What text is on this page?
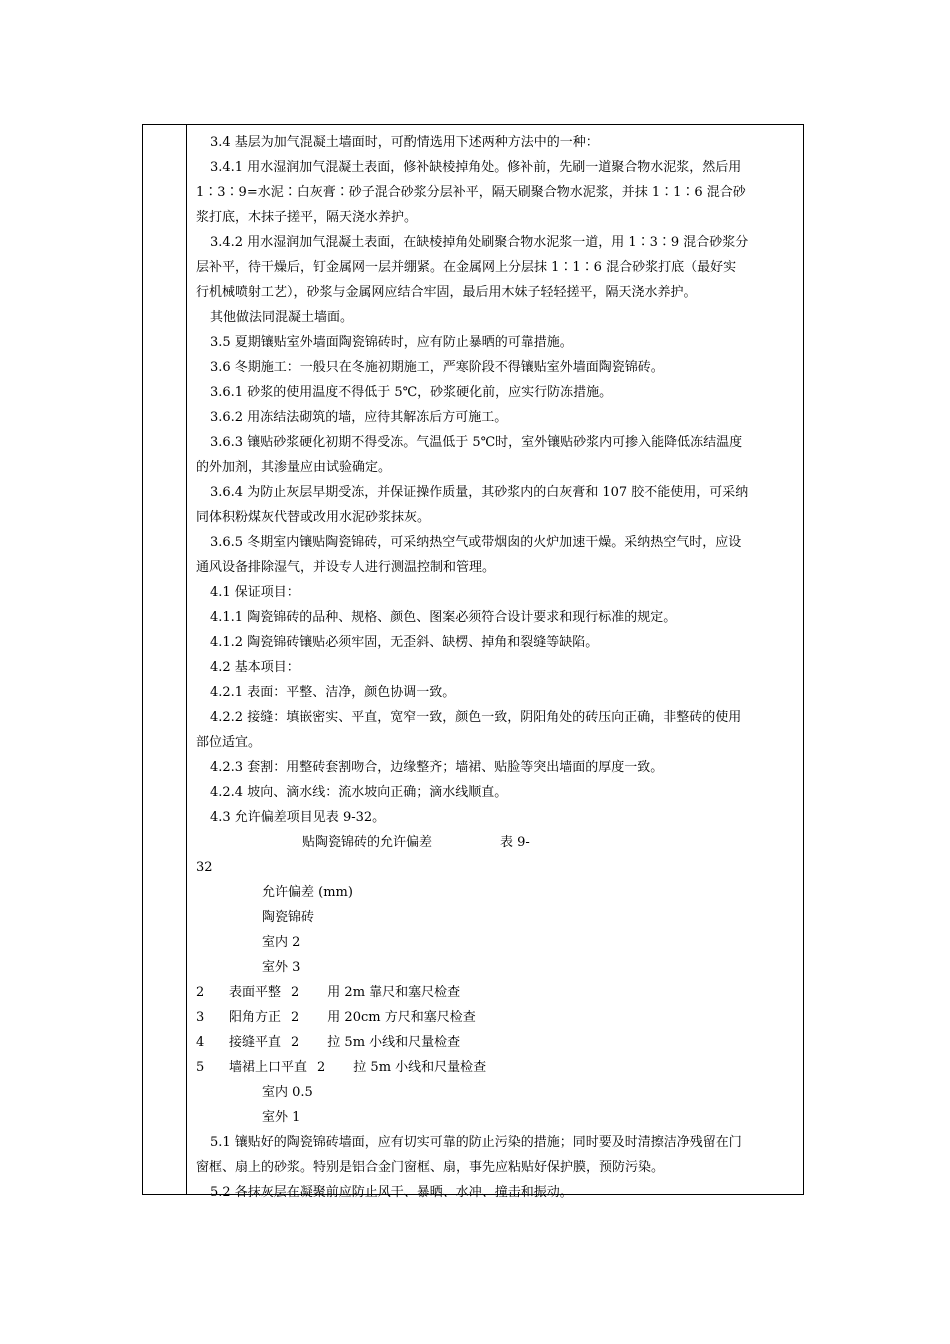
3.4 基层为加气混凝土墙面时，可酌情选用下述两种方法中的一种：
3.4.1 用水湿润加气混凝土表面，修补缺棱掉角处。修补前，先刷一道聚合物水泥浆，然后用
1∶3∶9=水泥∶白灰膏∶砂子混合砂浆分层补平，隔天刷聚合物水泥浆，并抹 1∶1∶6 混合砂
浆打底，木抹子搓平，隔天浇水养护。
3.4.2 用水湿润加气混凝土表面，在缺棱掉角处刷聚合物水泥浆一道，用 1∶3∶9 混合砂浆分
层补平，待干燥后，钉金属网一层并绷紧。在金属网上分层抹 1∶1∶6 混合砂浆打底（最好实
行机械喷射工艺），砂浆与金属网应结合牢固，最后用木妹子轻轻搓平，隔天浇水养护。
其他做法同混凝土墙面。
3.5 夏期镶贴室外墙面陶瓷锦砖时，应有防止暴晒的可靠措施。
3.6 冬期施工：一般只在冬施初期施工，严寒阶段不得镶贴室外墙面陶瓷锦砖。
3.6.1 砂浆的使用温度不得低于 5℃，砂浆硬化前，应实行防冻措施。
3.6.2 用冻结法砌筑的墙，应待其解冻后方可施工。
3.6.3 镶贴砂浆硬化初期不得受冻。气温低于 5℃时，室外镶贴砂浆内可掺入能降低冻结温度
的外加剂，其渗量应由试验确定。
3.6.4 为防止灰层早期受冻，并保证操作质量，其砂浆内的白灰膏和 107 胶不能使用，可采纳
同体积粉煤灰代替或改用水泥砂浆抹灰。
3.6.5 冬期室内镶贴陶瓷锦砖，可采纳热空气或带烟囱的火炉加速干燥。采纳热空气时，应设
通风设备排除湿气，并设专人进行测温控制和管理。
4.1 保证项目：
4.1.1 陶瓷锦砖的品种、规格、颜色、图案必须符合设计要求和现行标准的规定。
4.1.2 陶瓷锦砖镶贴必须牢固，无歪斜、缺楞、掉角和裂缝等缺陷。
4.2 基本项目：
4.2.1 表面：平整、洁净，颜色协调一致。
4.2.2 接缝：填嵌密实、平直，宽窄一致，颜色一致，阴阳角处的砖压向正确，非整砖的使用
部位适宜。
4.2.3 套割：用整砖套割吻合，边缘整齐；墙裙、贴脸等突出墙面的厚度一致。
4.2.4 坡向、滴水线：流水坡向正确；滴水线顺直。
4.3 允许偏差项目见表 9-32。
贴陶瓷锦砖的允许偏差	表 9-
32
允许偏差 (mm)
陶瓷锦砖
室内 2
室外 3
2 表面平整 2 用 2m 靠尺和塞尺检查
3 阳角方正 2 用 20cm 方尺和塞尺检查
4 接缝平直 2 拉 5m 小线和尺量检查
5 墙裙上口平直 2 拉 5m 小线和尺量检查
室内 0.5
室外 1
5.1 镶贴好的陶瓷锦砖墙面，应有切实可靠的防止污染的措施；同时要及时清擦洁净残留在门
窗框、扇上的砂浆。特别是铝合金门窗框、扇，事先应粘贴好保护膜，预防污染。
5.2 各抹灰层在凝聚前应防止风干、暴晒、水冲、撞击和振动。
